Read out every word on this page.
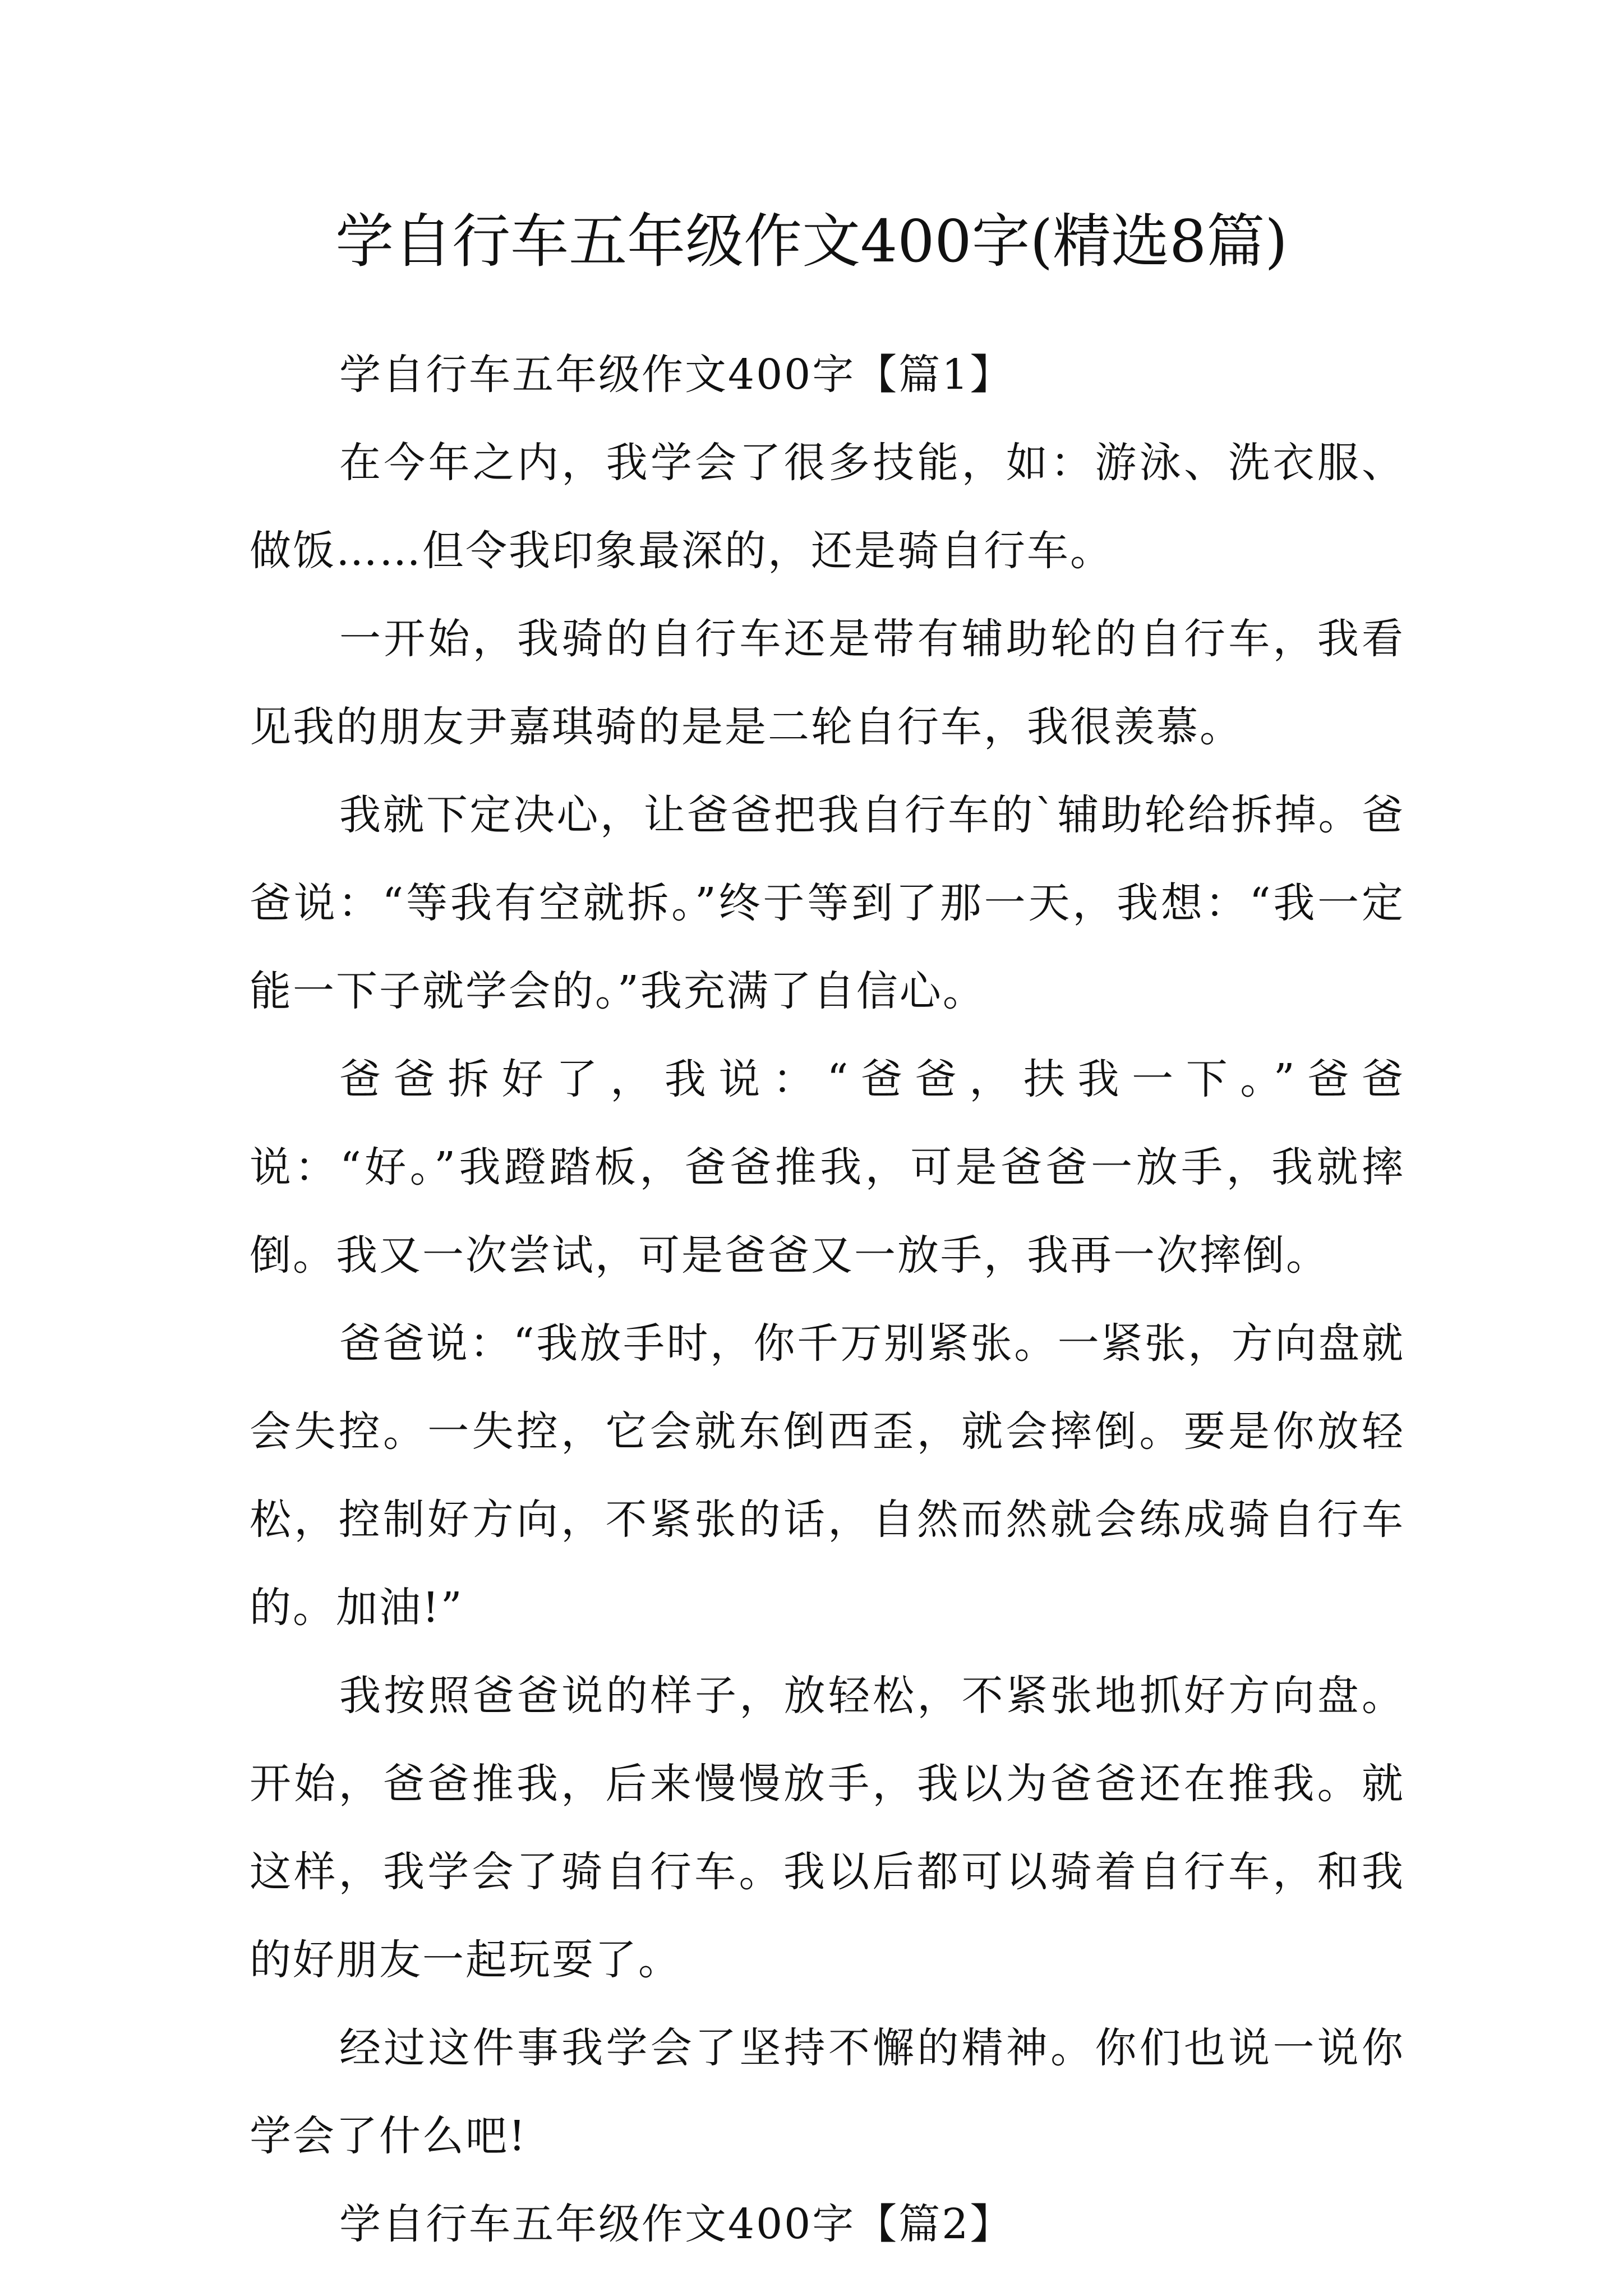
学自行车五年级作文400字(精选8篇)

学自行车五年级作文400字【篇1】

在今年之内，我学会了很多技能，如：游泳、洗衣服、做饭……但令我印象最深的，还是骑自行车。

一开始，我骑的自行车还是带有辅助轮的自行车，我看见我的朋友尹嘉琪骑的是是二轮自行车，我很羡慕。

我就下定决心，让爸爸把我自行车的`辅助轮给拆掉。爸爸说：“等我有空就拆。”终于等到了那一天，我想：“我一定能一下子就学会的。”我充满了自信心。

爸爸拆好了，我说：“爸爸，扶我一下。”爸爸说：“好。”我蹬踏板，爸爸推我，可是爸爸一放手，我就摔倒。我又一次尝试，可是爸爸又一放手，我再一次摔倒。

爸爸说：“我放手时，你千万别紧张。一紧张，方向盘就会失控。一失控，它会就东倒西歪，就会摔倒。要是你放轻松，控制好方向，不紧张的话，自然而然就会练成骑自行车的。加油!”

我按照爸爸说的样子，放轻松，不紧张地抓好方向盘。开始，爸爸推我，后来慢慢放手，我以为爸爸还在推我。就这样，我学会了骑自行车。我以后都可以骑着自行车，和我的好朋友一起玩耍了。

经过这件事我学会了坚持不懈的精神。你们也说一说你学会了什么吧!

学自行车五年级作文400字【篇2】
